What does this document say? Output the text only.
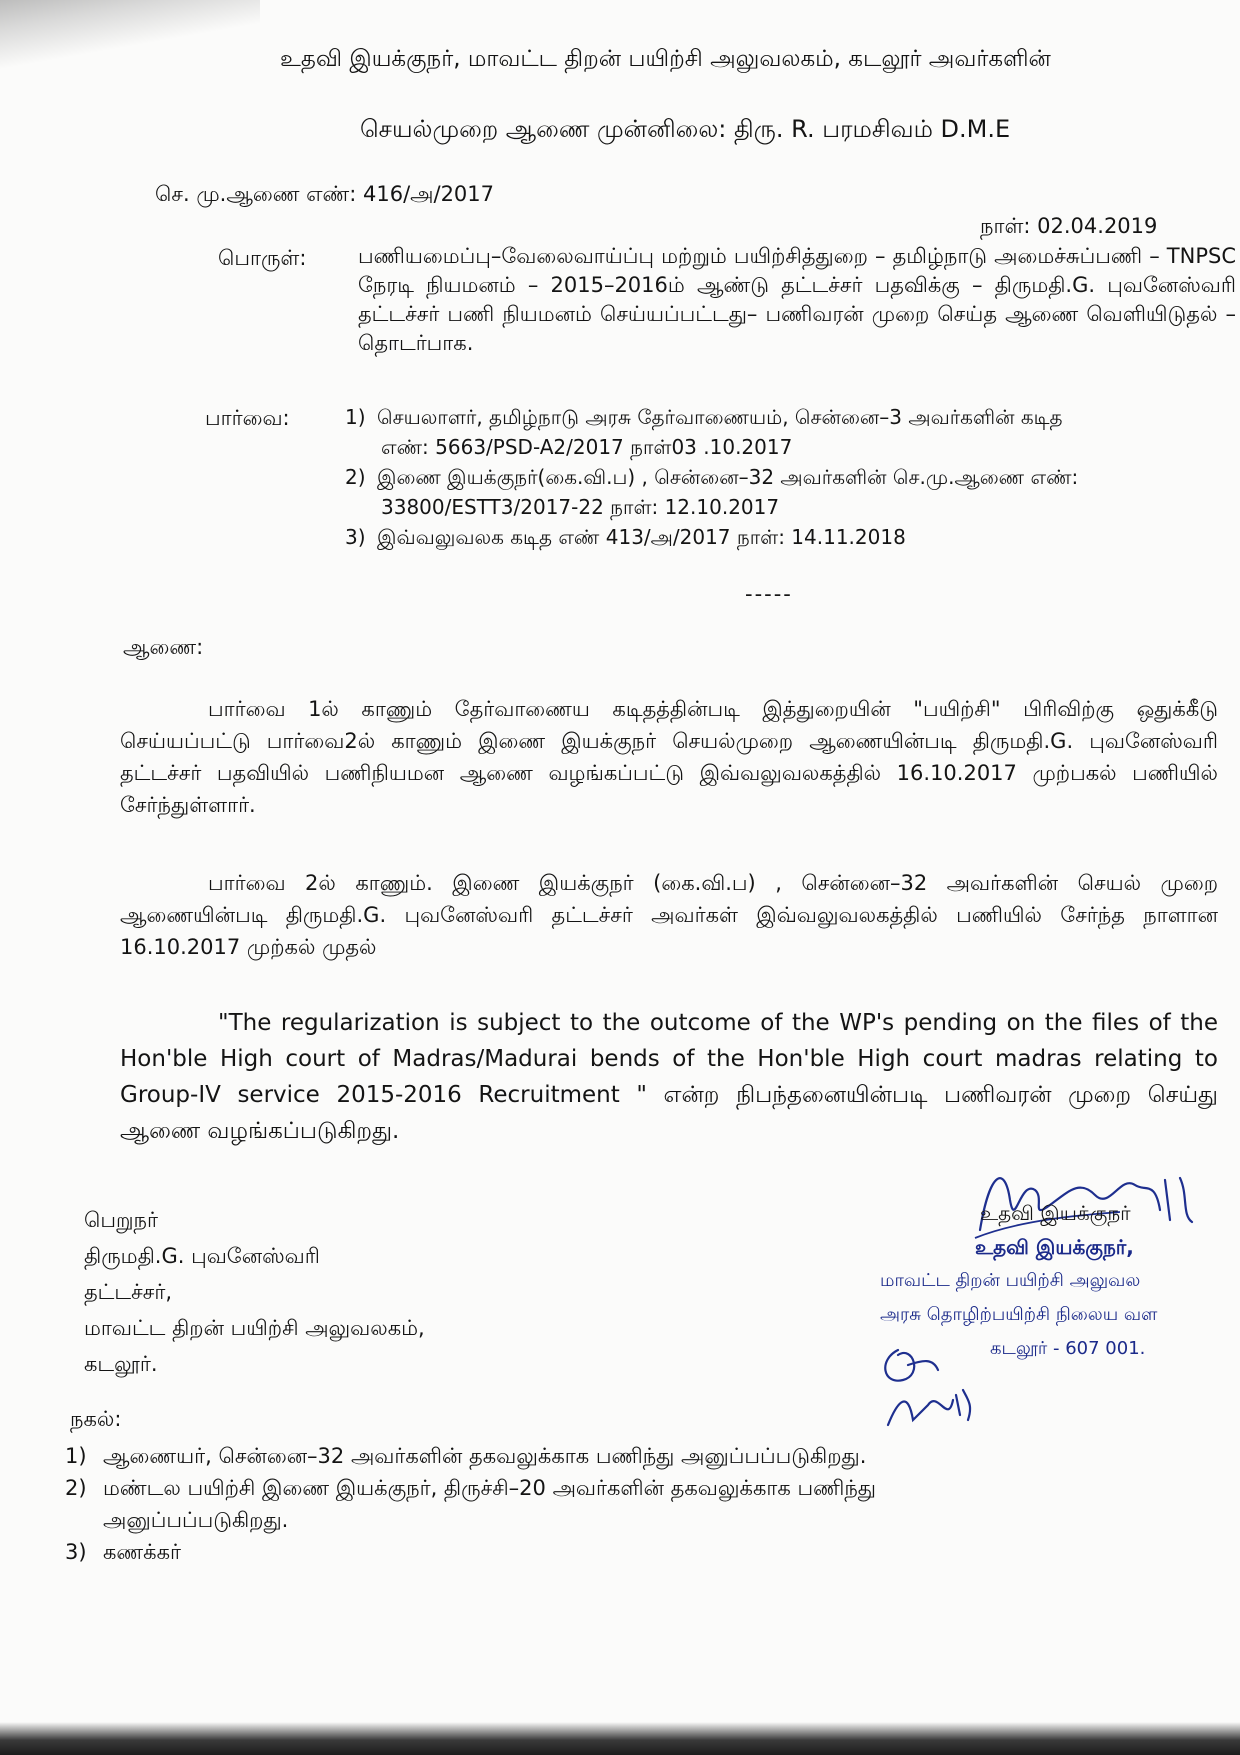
உதவி இயக்குநர், மாவட்ட திறன் பயிற்சி அலுவலகம், கடலூர் அவர்களின்
செயல்முறை ஆணை முன்னிலை: திரு. R. பரமசிவம் D.M.E
செ. மு.ஆணை எண்: 416/அ/2017
நாள்: 02.04.2019
பொருள்: பணியமைப்பு–வேலைவாய்ப்பு மற்றும் பயிற்சித்துறை – தமிழ்நாடு அமைச்சுப்பணி – TNPSC நேரடி நியமனம் – 2015–2016ம் ஆண்டு தட்டச்சர் பதவிக்கு – திருமதி.G. புவனேஸ்வரி தட்டச்சர் பணி நியமனம் செய்யப்பட்டது– பணிவரன் முறை செய்த ஆணை வெளியிடுதல் – தொடர்பாக.
பார்வை:	1) செயலாளர், தமிழ்நாடு அரசு தேர்வாணையம், சென்னை–3 அவர்களின் கடித
எண்: 5663/PSD-A2/2017 நாள்03 .10.2017
2) இணை இயக்குநர்(கை.வி.ப) , சென்னை–32 அவர்களின் செ.மு.ஆணை எண்:
33800/ESTT3/2017-22 நாள்: 12.10.2017
3) இவ்வலுவலக கடித எண் 413/அ/2017 நாள்: 14.11.2018
-----
ஆணை:
பார்வை 1ல் காணும் தேர்வாணைய கடிதத்தின்படி இத்துறையின் "பயிற்சி" பிரிவிற்கு ஒதுக்கீடு செய்யப்பட்டு பார்வை2ல் காணும் இணை இயக்குநர் செயல்முறை ஆணையின்படி திருமதி.G. புவனேஸ்வரி தட்டச்சர் பதவியில் பணிநியமன ஆணை வழங்கப்பட்டு இவ்வலுவலகத்தில் 16.10.2017 முற்பகல் பணியில் சேர்ந்துள்ளார்.
பார்வை 2ல் காணும். இணை இயக்குநர் (கை.வி.ப) , சென்னை–32 அவர்களின் செயல் முறை ஆணையின்படி திருமதி.G. புவனேஸ்வரி தட்டச்சர் அவர்கள் இவ்வலுவலகத்தில் பணியில் சேர்ந்த நாளான 16.10.2017 முற்கல் முதல்
"The regularization is subject to the outcome of the WP's pending on the files of the Hon'ble High court of Madras/Madurai bends of the Hon'ble High court madras relating to Group-IV service 2015-2016 Recruitment " என்ற நிபந்தனையின்படி பணிவரன் முறை செய்து ஆணை வழங்கப்படுகிறது.
பெறுநர்
திருமதி.G. புவனேஸ்வரி
தட்டச்சர்,
மாவட்ட திறன் பயிற்சி அலுவலகம்,
கடலூர்.
உதவி இயக்குநர்
உதவி இயக்குநர்,
மாவட்ட திறன் பயிற்சி அலுவல
அரசு தொழிற்பயிற்சி நிலைய வள
கடலூர் - 607 001.
நகல்:
1) ஆணையர், சென்னை–32 அவர்களின் தகவலுக்காக பணிந்து அனுப்பப்படுகிறது.
2) மண்டல பயிற்சி இணை இயக்குநர், திருச்சி–20 அவர்களின் தகவலுக்காக பணிந்து
அனுப்பப்படுகிறது.
3) கணக்கர்
